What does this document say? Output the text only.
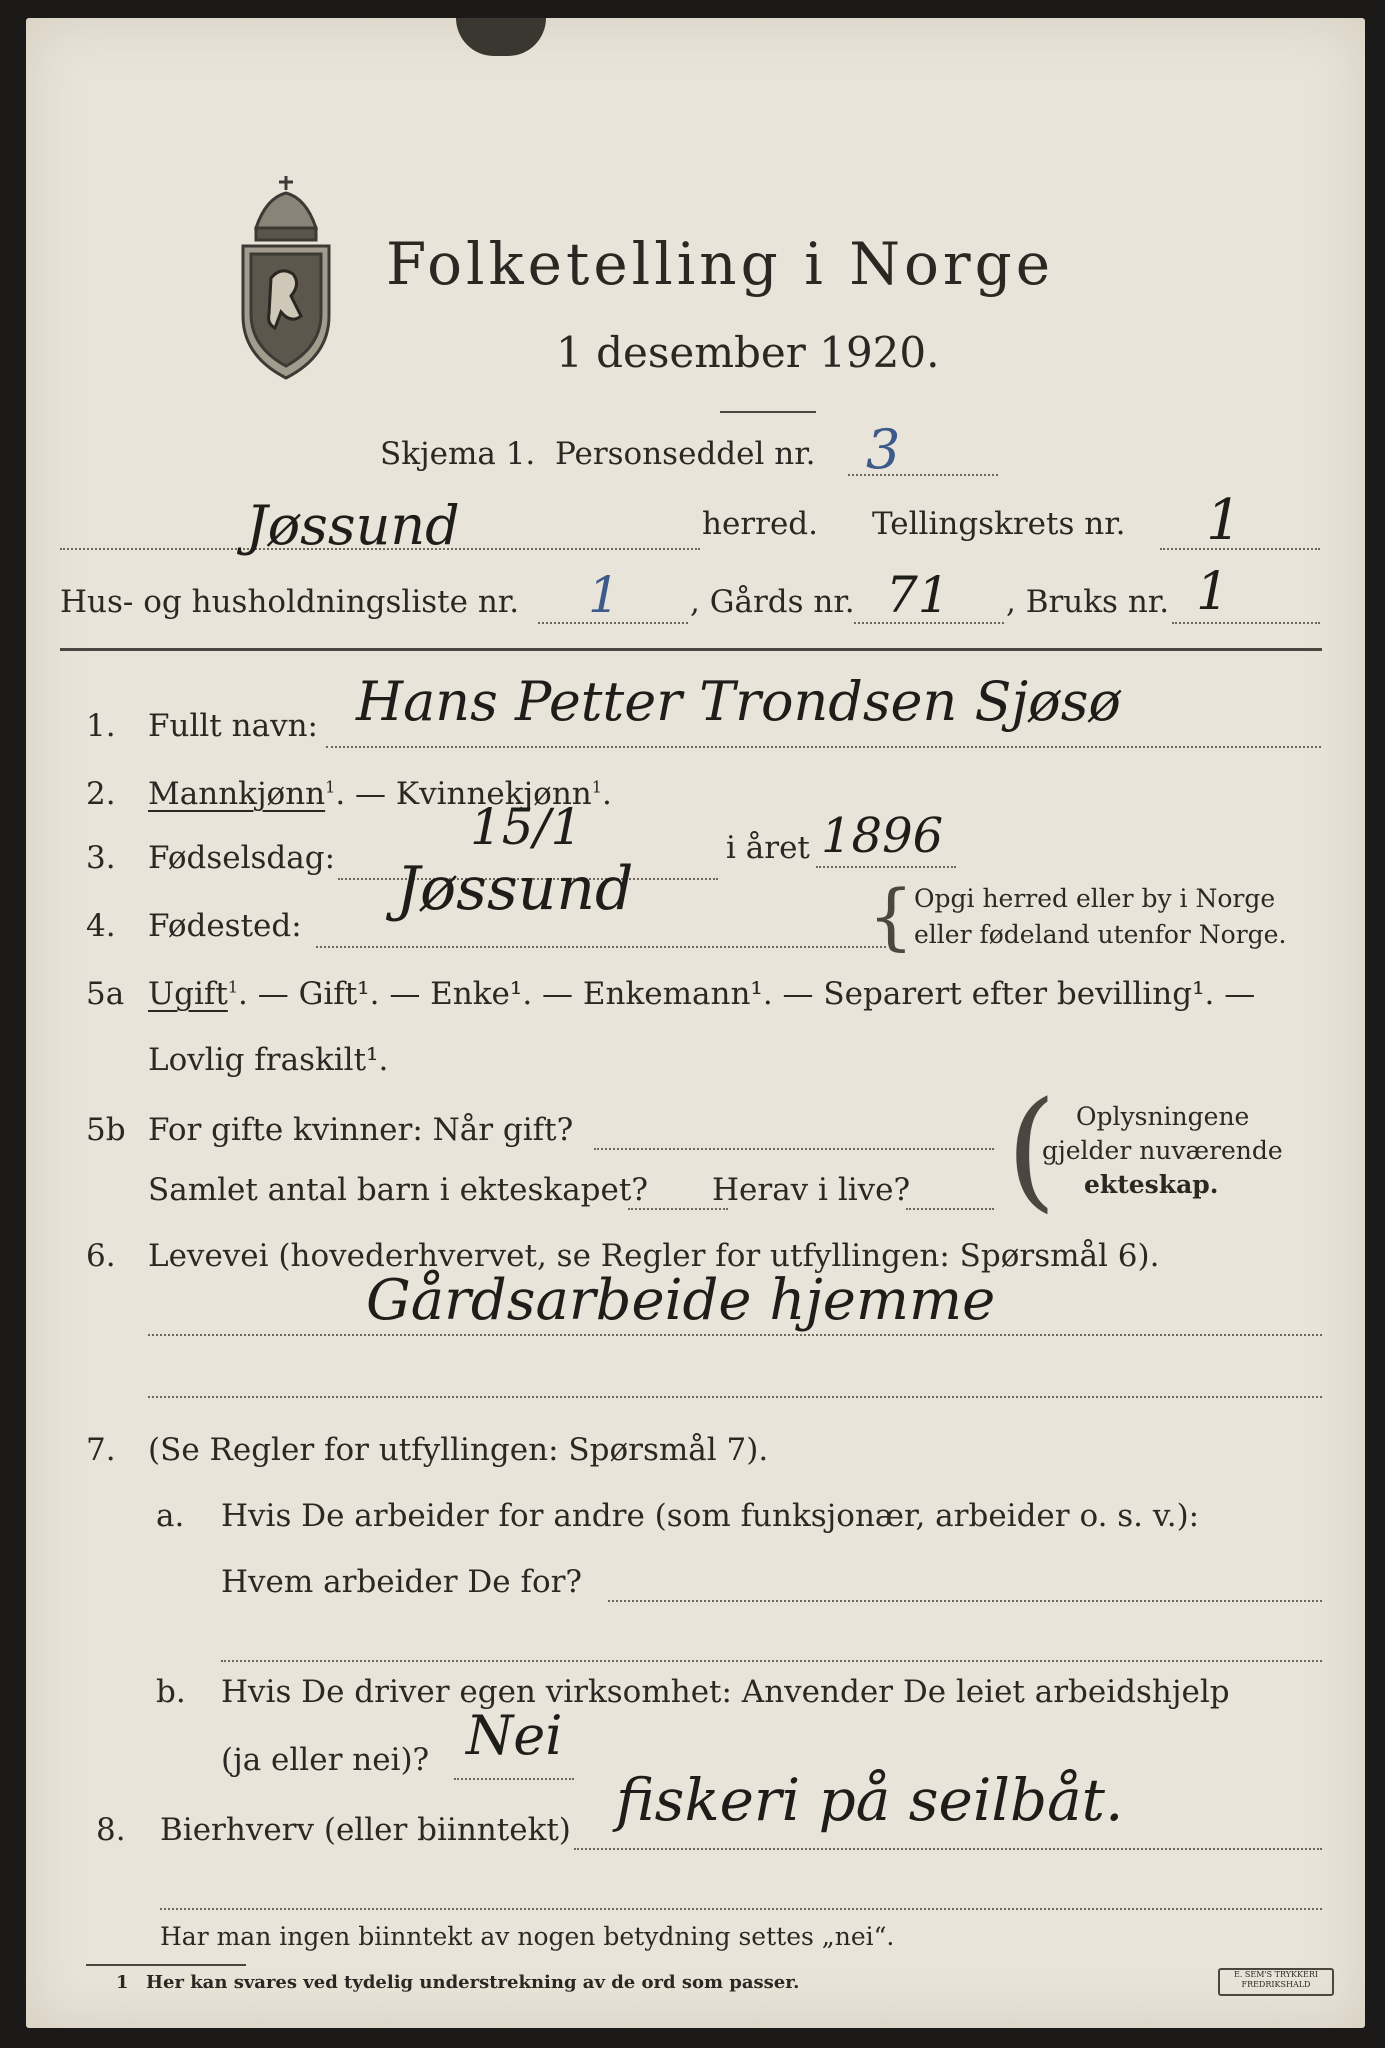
Folketelling i Norge
1 desember 1920.
Skjema 1. Personseddel nr. 3
Jøssund	herred. Tellingskrets nr. 1
Hus- og husholdningsliste nr. 1 , Gårds nr. 71 , Bruks nr. 1
1. Fullt navn: Hans Petter Trondsen Sjøsø
2. Mannkjønn$^1$. — Kvinnekjønn$^1$.
3. Fødselsdag:
15/1	i året 1896
4. Fødested:
Jøssund	{ Opgi herred eller by i Norge
eller fødeland utenfor Norge.
5a Ugift$^1$. — Gift¹. — Enke¹. — Enkemann¹. — Separert efter bevilling¹. —
Lovlig fraskilt¹.
5b For gifte kvinner: Når gift?
Samlet antal barn i ekteskapet? Herav i live? ( Oplysningene
gjelder nuværende
ekteskap.
6. Levevei (hovederhvervet, se Regler for utfyllingen: Spørsmål 6).
Gårdsarbeide hjemme
7. (Se Regler for utfyllingen: Spørsmål 7).
a. Hvis De arbeider for andre (som funksjonær, arbeider o. s. v.):
Hvem arbeider De for?
b. Hvis De driver egen virksomhet: Anvender De leiet arbeidshjelp
(ja eller nei)? Nei
8. Bierhverv (eller biinntekt) fiskeri på seilbåt.
Har man ingen biinntekt av nogen betydning settes „nei“.
1 Her kan svares ved tydelig understrekning av de ord som passer.	E. SEM'S TRYKKERI FREDRIKSHALD
